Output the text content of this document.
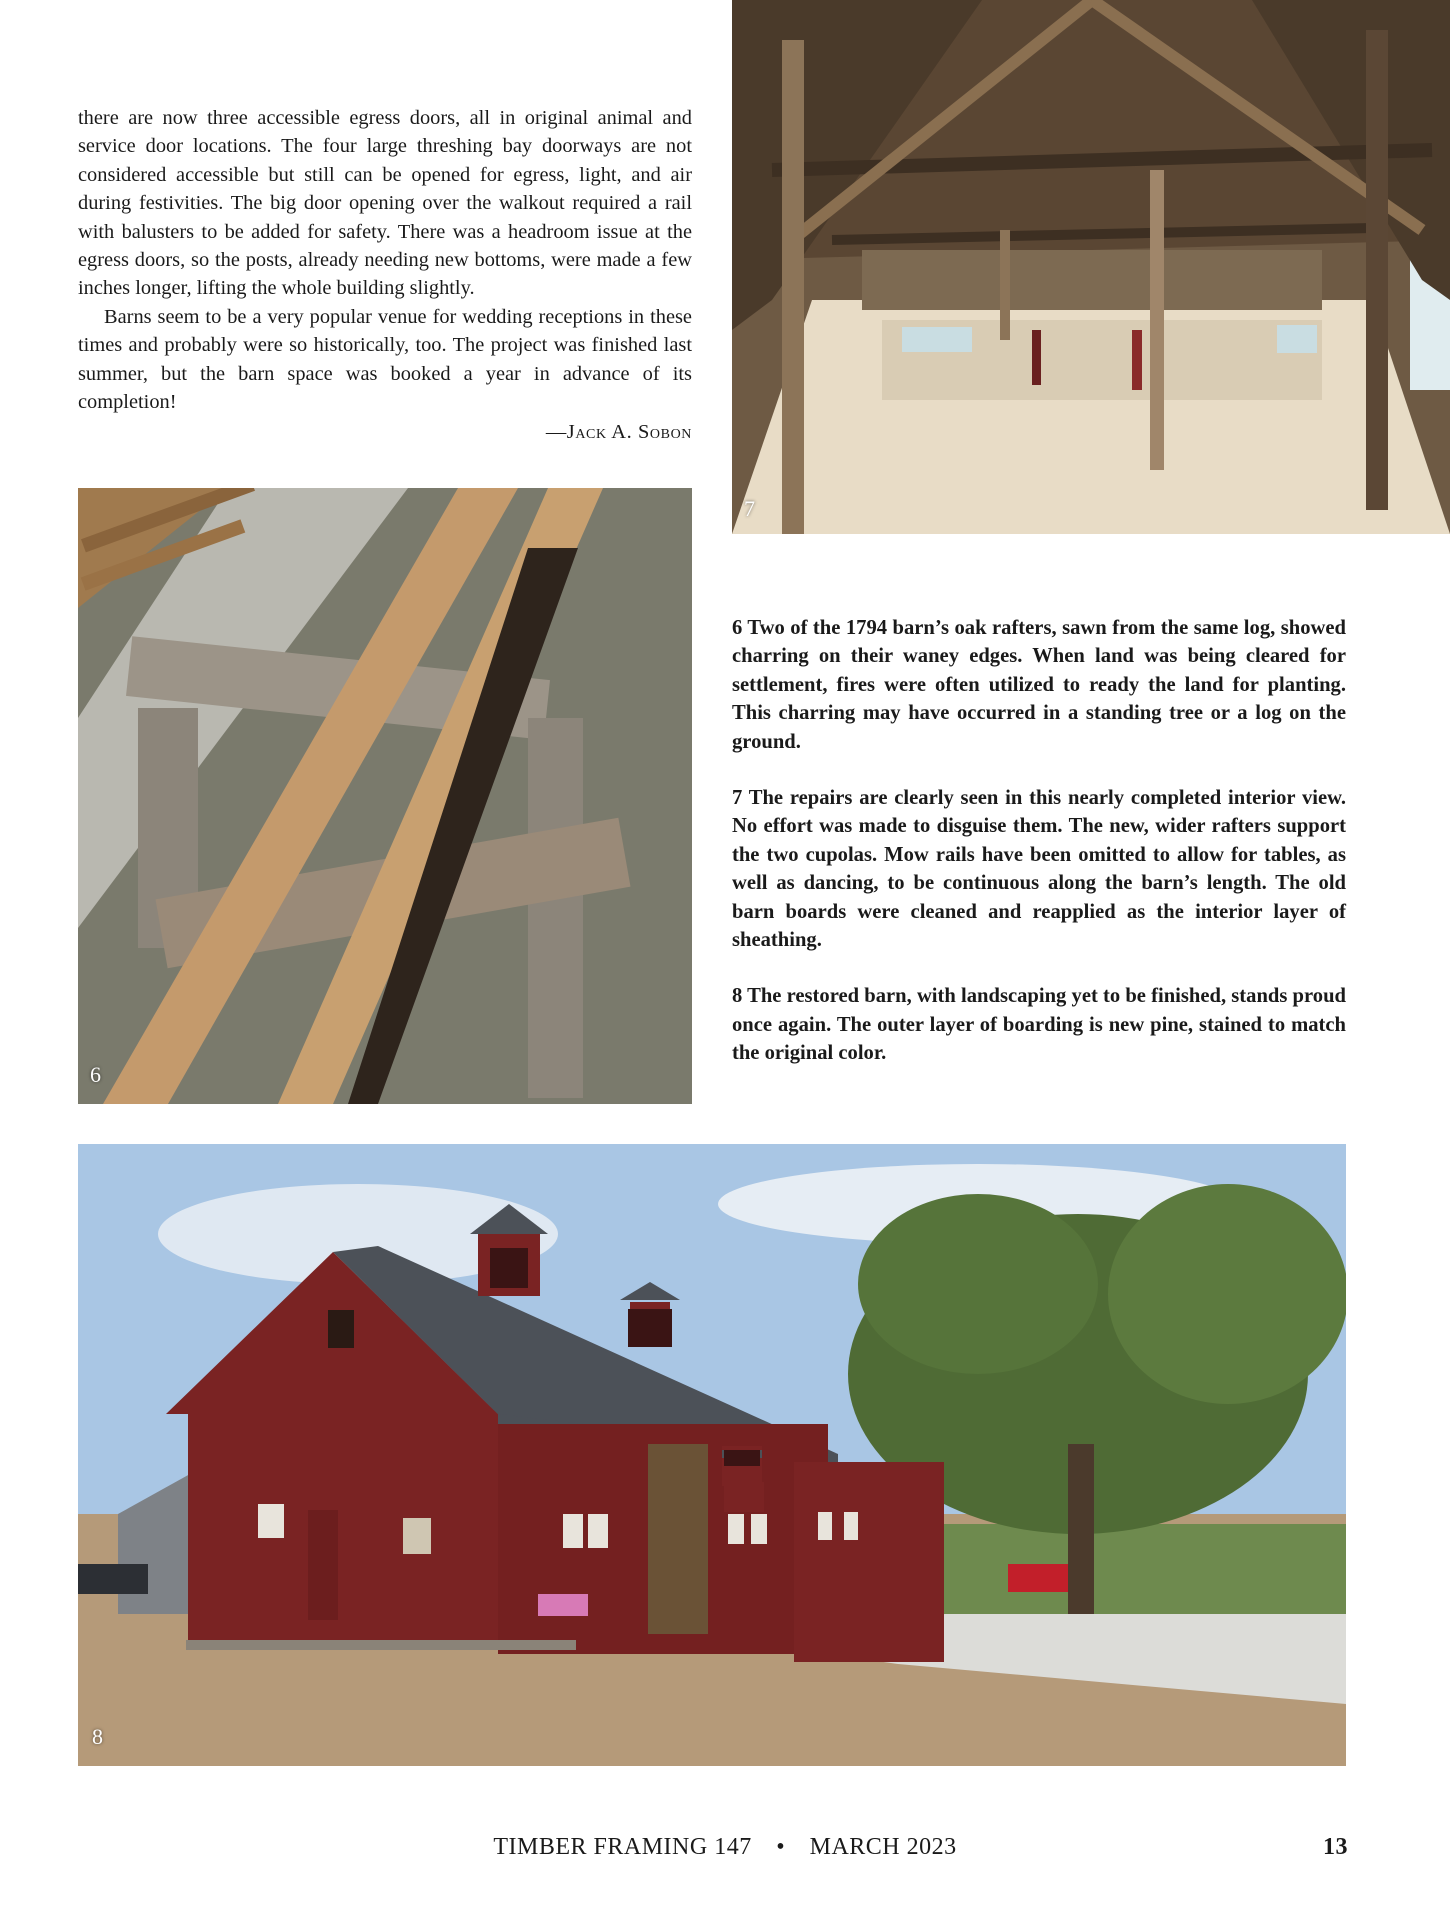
there are now three accessible egress doors, all in original animal and service door locations. The four large threshing bay doorways are not considered accessible but still can be opened for egress, light, and air during festivities. The big door opening over the walkout required a rail with balusters to be added for safety. There was a headroom issue at the egress doors, so the posts, already needing new bottoms, were made a few inches longer, lifting the whole building slightly.

Barns seem to be a very popular venue for wedding receptions in these times and probably were so historically, too. The project was finished last summer, but the barn space was booked a year in advance of its completion!

—Jack A. Sobon
7
6

6 Two of the 1794 barn’s oak rafters, sawn from the same log, showed charring on their waney edges. When land was being cleared for settlement, fires were often utilized to ready the land for planting. This charring may have occurred in a standing tree or a log on the ground.

7 The repairs are clearly seen in this nearly completed interior view. No effort was made to disguise them. The new, wider rafters support the two cupolas. Mow rails have been omitted to allow for tables, as well as dancing, to be continuous along the barn’s length. The old barn boards were cleaned and reapplied as the interior layer of sheathing.

8 The restored barn, with landscaping yet to be finished, stands proud once again. The outer layer of boarding is new pine, stained to match the original color.

8
TIMBER FRAMING 147 • MARCH 2023	13
